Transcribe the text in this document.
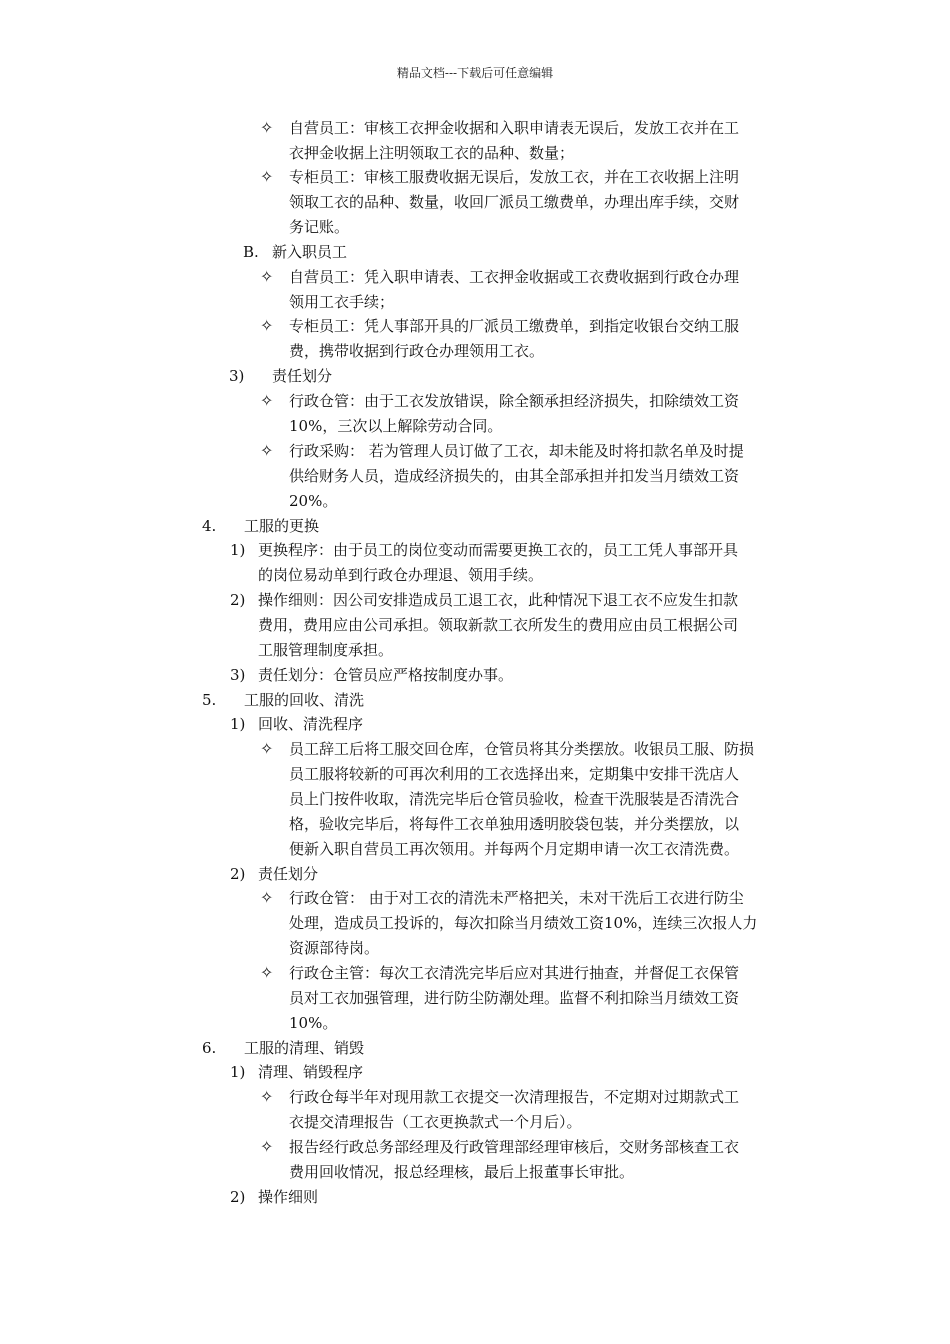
精品文档---下载后可任意编辑
✧ 自营员工：审核工衣押金收据和入职申请表无误后，发放工衣并在工
衣押金收据上注明领取工衣的品种、数量；
✧ 专柜员工：审核工服费收据无误后，发放工衣，并在工衣收据上注明
领取工衣的品种、数量，收回厂派员工缴费单，办理出库手续，交财
务记账。
B. 新入职员工
✧ 自营员工：凭入职申请表、工衣押金收据或工衣费收据到行政仓办理
领用工衣手续；
✧ 专柜员工：凭人事部开具的厂派员工缴费单，到指定收银台交纳工服
费，携带收据到行政仓办理领用工衣。
3) 责任划分
✧ 行政仓管：由于工衣发放错误，除全额承担经济损失，扣除绩效工资
10%，三次以上解除劳动合同。
✧ 行政采购： 若为管理人员订做了工衣，却未能及时将扣款名单及时提
供给财务人员，造成经济损失的，由其全部承担并扣发当月绩效工资
20%。
4. 工服的更换
1) 更换程序：由于员工的岗位变动而需要更换工衣的，员工工凭人事部开具
的岗位易动单到行政仓办理退、领用手续。
2) 操作细则：因公司安排造成员工退工衣，此种情况下退工衣不应发生扣款
费用，费用应由公司承担。领取新款工衣所发生的费用应由员工根据公司
工服管理制度承担。
3) 责任划分：仓管员应严格按制度办事。
5. 工服的回收、清洗
1) 回收、清洗程序
✧ 员工辞工后将工服交回仓库，仓管员将其分类摆放。收银员工服、防损
员工服将较新的可再次利用的工衣选择出来，定期集中安排干洗店人
员上门按件收取，清洗完毕后仓管员验收，检查干洗服装是否清洗合
格，验收完毕后，将每件工衣单独用透明胶袋包装，并分类摆放，以
便新入职自营员工再次领用。并每两个月定期申请一次工衣清洗费。
2) 责任划分
✧ 行政仓管： 由于对工衣的清洗未严格把关，未对干洗后工衣进行防尘
处理，造成员工投诉的，每次扣除当月绩效工资10%，连续三次报人力
资源部待岗。
✧ 行政仓主管：每次工衣清洗完毕后应对其进行抽查，并督促工衣保管
员对工衣加强管理，进行防尘防潮处理。监督不利扣除当月绩效工资
10%。
6. 工服的清理、销毁
1) 清理、销毁程序
✧ 行政仓每半年对现用款工衣提交一次清理报告，不定期对过期款式工
衣提交清理报告（工衣更换款式一个月后）。
✧ 报告经行政总务部经理及行政管理部经理审核后，交财务部核查工衣
费用回收情况，报总经理核，最后上报董事长审批。
2) 操作细则
